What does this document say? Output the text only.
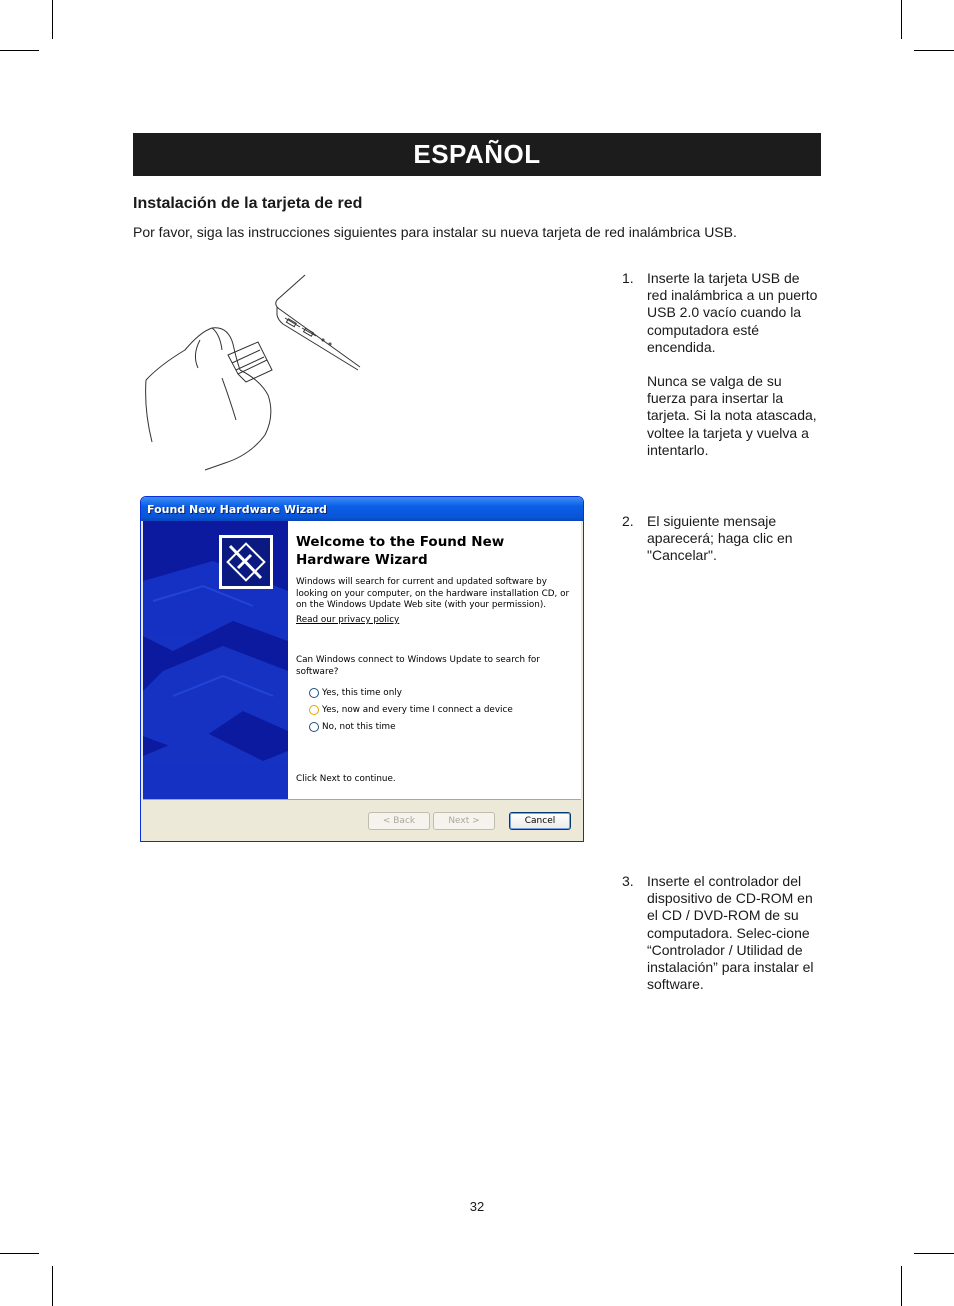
ESPAÑOL
Instalación de la tarjeta de red
Por favor, siga las instrucciones siguientes para instalar su nueva tarjeta de red inalámbrica USB.
1. Inserte la tarjeta USB de red inalámbrica a un puerto USB 2.0 vacío cuando la computadora esté encendida.

Nunca se valga de su fuerza para insertar la tarjeta. Si la nota atascada, voltee la tarjeta y vuelva a intentarlo.

Found New Hardware Wizard
Welcome to the Found New Hardware Wizard
Windows will search for current and updated software by looking on your computer, on the hardware installation CD, or on the Windows Update Web site (with your permission).
Read our privacy policy
Can Windows connect to Windows Update to search for software?
Yes, this time only
Yes, now and every time I connect a device
No, not this time
Click Next to continue.
< Back	Next >	Cancel
2. El siguiente mensaje aparecerá; haga clic en "Cancelar".

3. Inserte el controlador del dispositivo de CD-ROM en el CD / DVD-ROM de su computadora. Selec-cione “Controlador / Utilidad de instalación” para instalar el software.

32
